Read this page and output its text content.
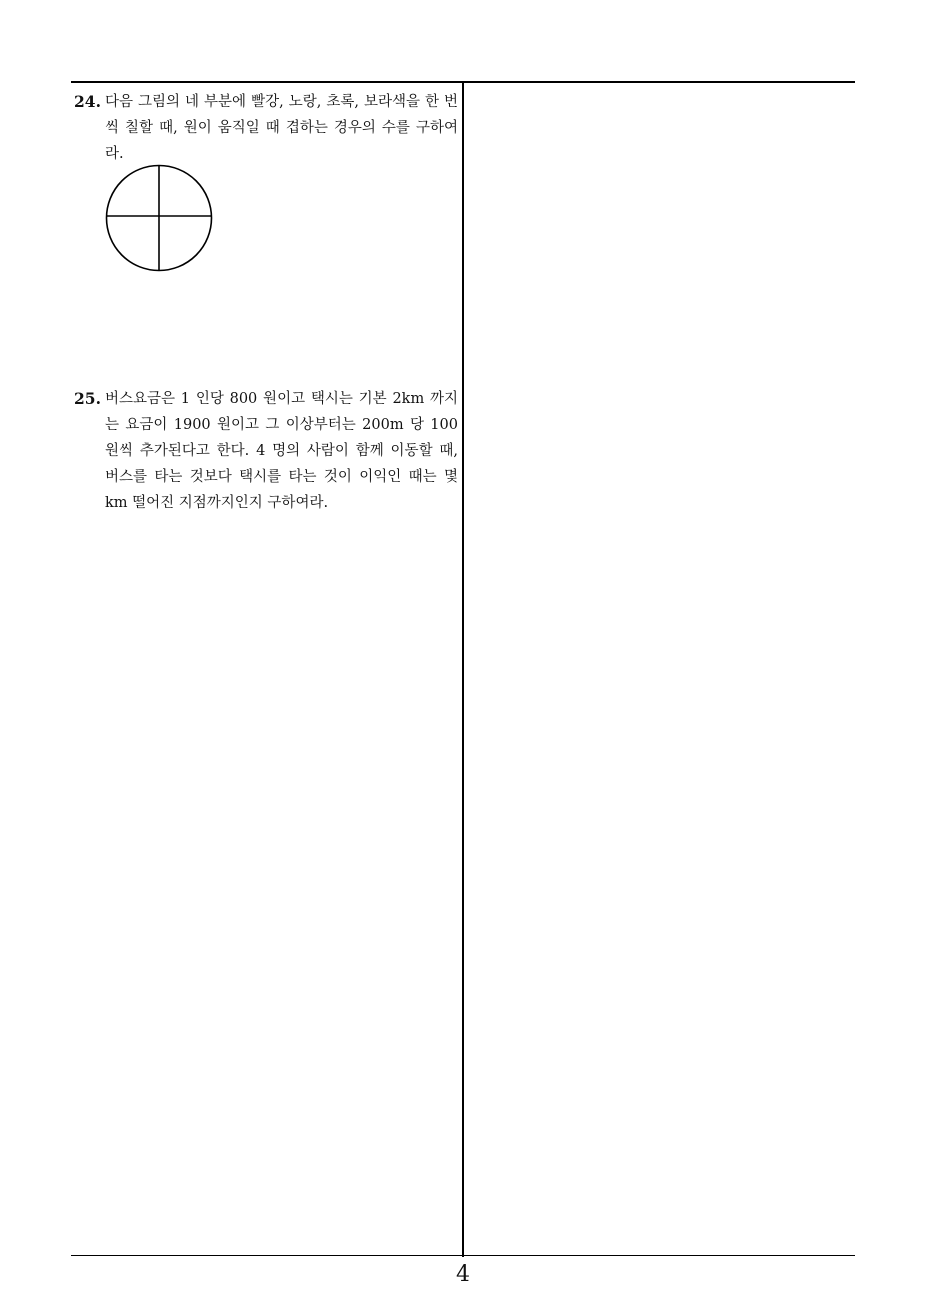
24. 다음 그림의 네 부분에 빨강, 노랑, 초록, 보라색을 한 번씩 칠할 때, 원이 움직일 때 겹하는 경우의 수를 구하여라.
25. 버스요금은 1 인당 800 원이고 택시는 기본 2km 까지는 요금이 1900 원이고 그 이상부터는 200m 당 100 원씩 추가된다고 한다. 4 명의 사람이 함께 이동할 때, 버스를 타는 것보다 택시를 타는 것이 이익인 때는 몇 km 떨어진 지점까지인지 구하여라.
4
